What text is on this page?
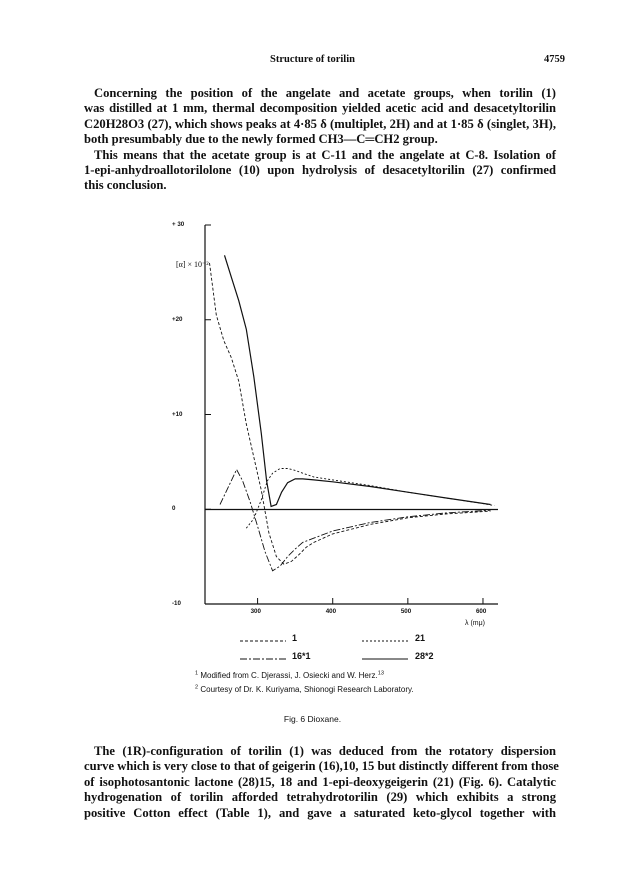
Structure of torilin	4759
Concerning the position of the angelate and acetate groups, when torilin (1)
was distilled at 1 mm, thermal decomposition yielded acetic acid and desacetyltorilin
C20H28O3 (27), which shows peaks at 4·85 δ (multiplet, 2H) and at 1·85 δ (singlet, 3H),
both presumbably due to the newly formed CH3—C═CH2 group.
This means that the acetate group is at C-11 and the angelate at C-8. Isolation of
1-epi-anhydroallotorilolone (10) upon hydrolysis of desacetyltorilin (27) confirmed
this conclusion.
[α] × 10⁻²
λ (mμ)
+ 30
+20
+10
0
-10
300	400	500	600
1	21
16*1	28*2
$^1$ Modified from C. Djerassi, J. Osiecki and W. Herz.$^{13}$
$^2$ Courtesy of Dr. K. Kuriyama, Shionogi Research Laboratory.
Fig. 6 Dioxane.
The (1R)-configuration of torilin (1) was deduced from the rotatory dispersion
curve which is very close to that of geigerin (16),10, 15 but distinctly different from those
of isophotosantonic lactone (28)15, 18 and 1-epi-deoxygeigerin (21) (Fig. 6). Catalytic
hydrogenation of torilin afforded tetrahydrotorilin (29) which exhibits a strong
positive Cotton effect (Table 1), and gave a saturated keto-glycol together with
